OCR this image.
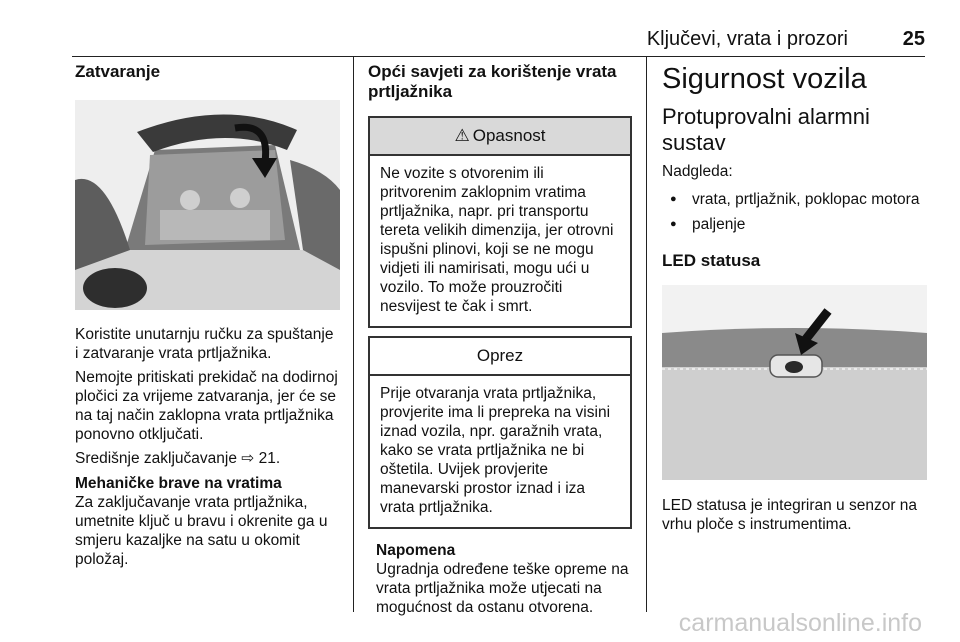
Ključevi, vrata i prozori	25
Zatvaranje

Koristite unutarnju ručku za spuštanje i zatvaranje vrata prtljažnika.

Nemojte pritiskati prekidač na dodirnoj pločici za vrijeme zatvaranja, jer će se na taj način zaklopna vrata prtljažnika ponovno otključati.

Središnje zaključavanje ⇨ 21.

Mehaničke brave na vratima

Za zaključavanje vrata prtljažnika, umetnite ključ u bravu i okrenite ga u smjeru kazaljke na satu u okomit položaj.

Opći savjeti za korištenje vrata prtljažnika
⚠ Opasnost

Ne vozite s otvorenim ili pritvorenim zaklopnim vratima prtljažnika, napr. pri transportu tereta velikih dimenzija, jer otrovni ispušni plinovi, koji se ne mogu vidjeti ili namirisati, mogu ući u vozilo. To može prouzročiti nesvijest te čak i smrt.

Oprez

Prije otvaranja vrata prtljažnika, provjerite ima li prepreka na visini iznad vozila, npr. garažnih vrata, kako se vrata prtljažnika ne bi oštetila. Uvijek provjerite manevarski prostor iznad i iza vrata prtljažnika.

Napomena

Ugradnja određene teške opreme na vrata prtljažnika može utjecati na mogućnost da ostanu otvorena.

Sigurnost vozila
Protuprovalni alarmni sustav

Nadgleda:

● vrata, prtljažnik, poklopac motora
● paljenje
LED statusa

LED statusa je integriran u senzor na vrhu ploče s instrumentima.

carmanualsonline.info
